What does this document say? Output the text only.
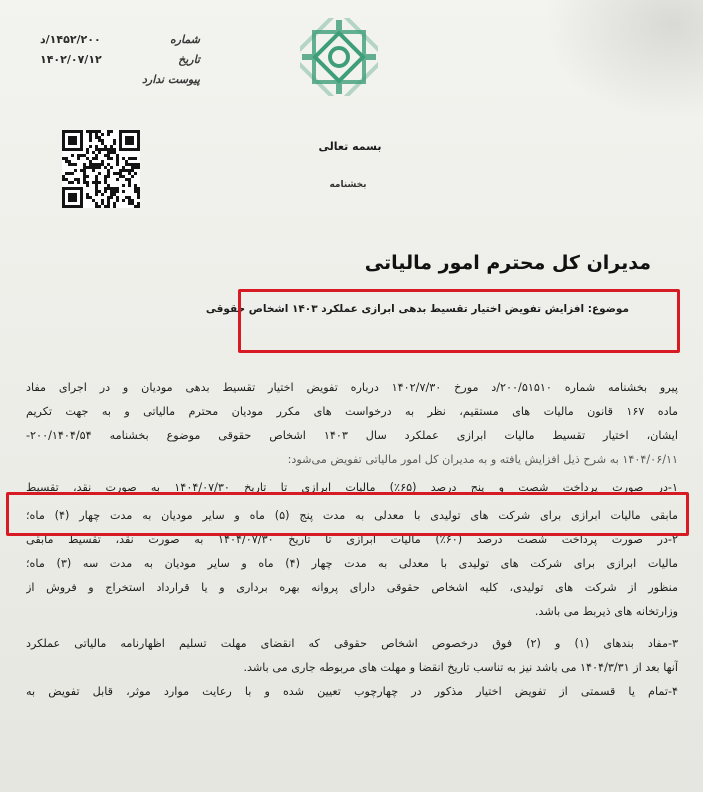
شماره
۱۴۵۲/۲۰۰/د
تاریخ
۱۴۰۲/۰۷/۱۲
پیوست ندارد
بسمه تعالی
بخشنامه
مدیران کل محترم امور مالیاتی
موضوع: افزایش تفویض اختیار تقسیط بدهی ابرازی عملکرد ۱۴۰۳ اشخاص حقوقی
پیرو بخشنامه شماره ۲۰۰/۵۱۵۱۰/د مورخ ۱۴۰۲/۷/۳۰ درباره تفویض اختیار تقسیط بدهی مودیان و در اجرای مفاد
ماده ۱۶۷ قانون مالیات های مستقیم، نظر به درخواست های مکرر مودیان محترم مالیاتی و به جهت تکریم
ایشان، اختیار تقسیط مالیات ابرازی عملکرد سال ۱۴۰۳ اشخاص حقوقی موضوع بخشنامه ۲۰۰/۱۴۰۴/۵۴-
۱۴۰۴/۰۶/۱۱ به شرح ذیل افزایش یافته و به مدیران کل امور مالیاتی تفویض می‌شود:
۱-در صورت پرداخت شصت و پنج درصد (۶۵٪) مالیات ابرازی تا تاریخ ۱۴۰۴/۰۷/۳۰ به صورت نقد، تقسیط
مابقی مالیات ابرازی برای شرکت های تولیدی با معدلی به مدت پنج (۵) ماه و سایر مودیان به مدت چهار (۴) ماه؛
۲-در صورت پرداخت شصت درصد (۶۰٪) مالیات ابرازی تا تاریخ ۱۴۰۴/۰۷/۳۰ به صورت نقد، تقسیط مابقی
مالیات ابرازی برای شرکت های تولیدی با معدلی به مدت چهار (۴) ماه و سایر مودیان به مدت سه (۳) ماه؛
منظور از شرکت های تولیدی، کلیه اشخاص حقوقی دارای پروانه بهره برداری و یا قرارداد استخراج و فروش از
وزارتخانه های ذیربط می باشد.
۳-مفاد بندهای (۱) و (۲) فوق درخصوص اشخاص حقوقی که انقضای مهلت تسلیم اظهارنامه مالیاتی عملکرد
آنها بعد از ۱۴۰۴/۳/۳۱ می باشد نیز به تناسب تاریخ انقضا و مهلت های مربوطه جاری می باشد.
۴-تمام یا قسمتی از تفویض اختیار مذکور در چهارچوب تعیین شده و با رعایت موارد موثر، قابل تفویض به
